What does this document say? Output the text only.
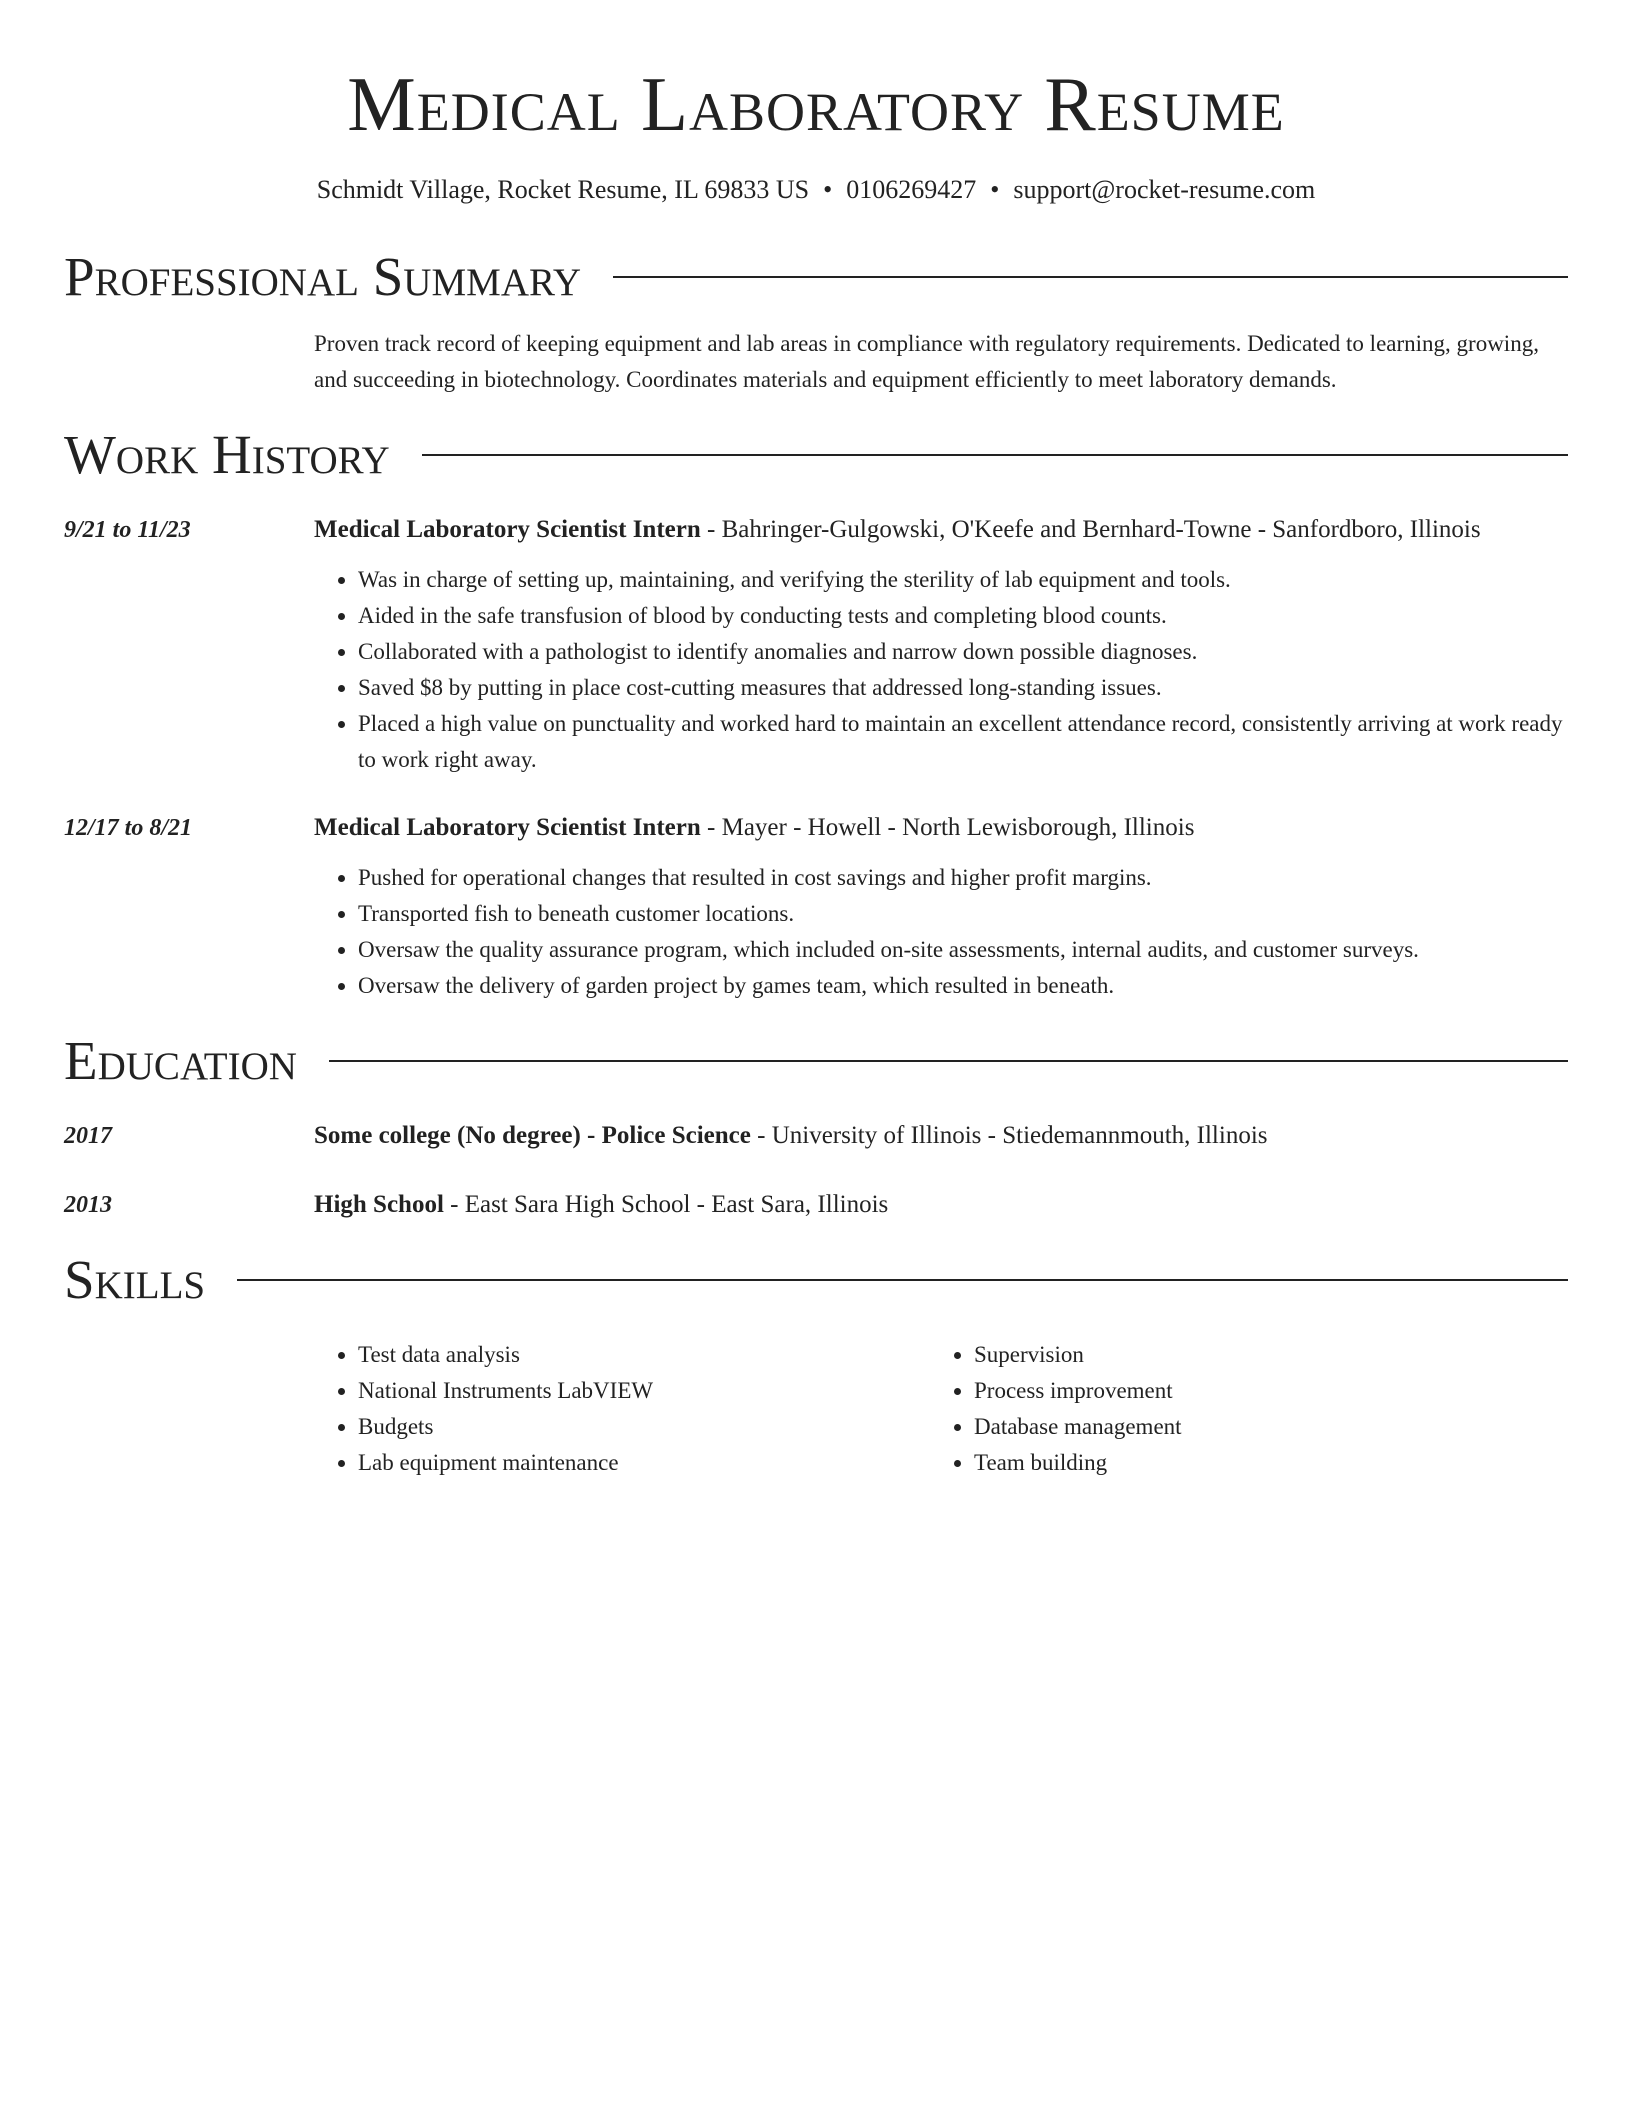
Medical Laboratory Resume
Schmidt Village, Rocket Resume, IL 69833 US • 0106269427 • support@rocket-resume.com
Professional Summary
Proven track record of keeping equipment and lab areas in compliance with regulatory requirements. Dedicated to learning, growing, and succeeding in biotechnology. Coordinates materials and equipment efficiently to meet laboratory demands.
Work History
9/21 to 11/23	Medical Laboratory Scientist Intern - Bahringer-Gulgowski, O'Keefe and Bernhard-Towne - Sanfordboro, Illinois
• Was in charge of setting up, maintaining, and verifying the sterility of lab equipment and tools.
• Aided in the safe transfusion of blood by conducting tests and completing blood counts.
• Collaborated with a pathologist to identify anomalies and narrow down possible diagnoses.
• Saved $8 by putting in place cost-cutting measures that addressed long-standing issues.
• Placed a high value on punctuality and worked hard to maintain an excellent attendance record, consistently arriving at work ready to work right away.
12/17 to 8/21	Medical Laboratory Scientist Intern - Mayer - Howell - North Lewisborough, Illinois
• Pushed for operational changes that resulted in cost savings and higher profit margins.
• Transported fish to beneath customer locations.
• Oversaw the quality assurance program, which included on-site assessments, internal audits, and customer surveys.
• Oversaw the delivery of garden project by games team, which resulted in beneath.
Education
2017	Some college (No degree) - Police Science - University of Illinois - Stiedemannmouth, Illinois
2013	High School - East Sara High School - East Sara, Illinois
Skills
• Test data analysis
• National Instruments LabVIEW
• Budgets
• Lab equipment maintenance
• Supervision
• Process improvement
• Database management
• Team building
